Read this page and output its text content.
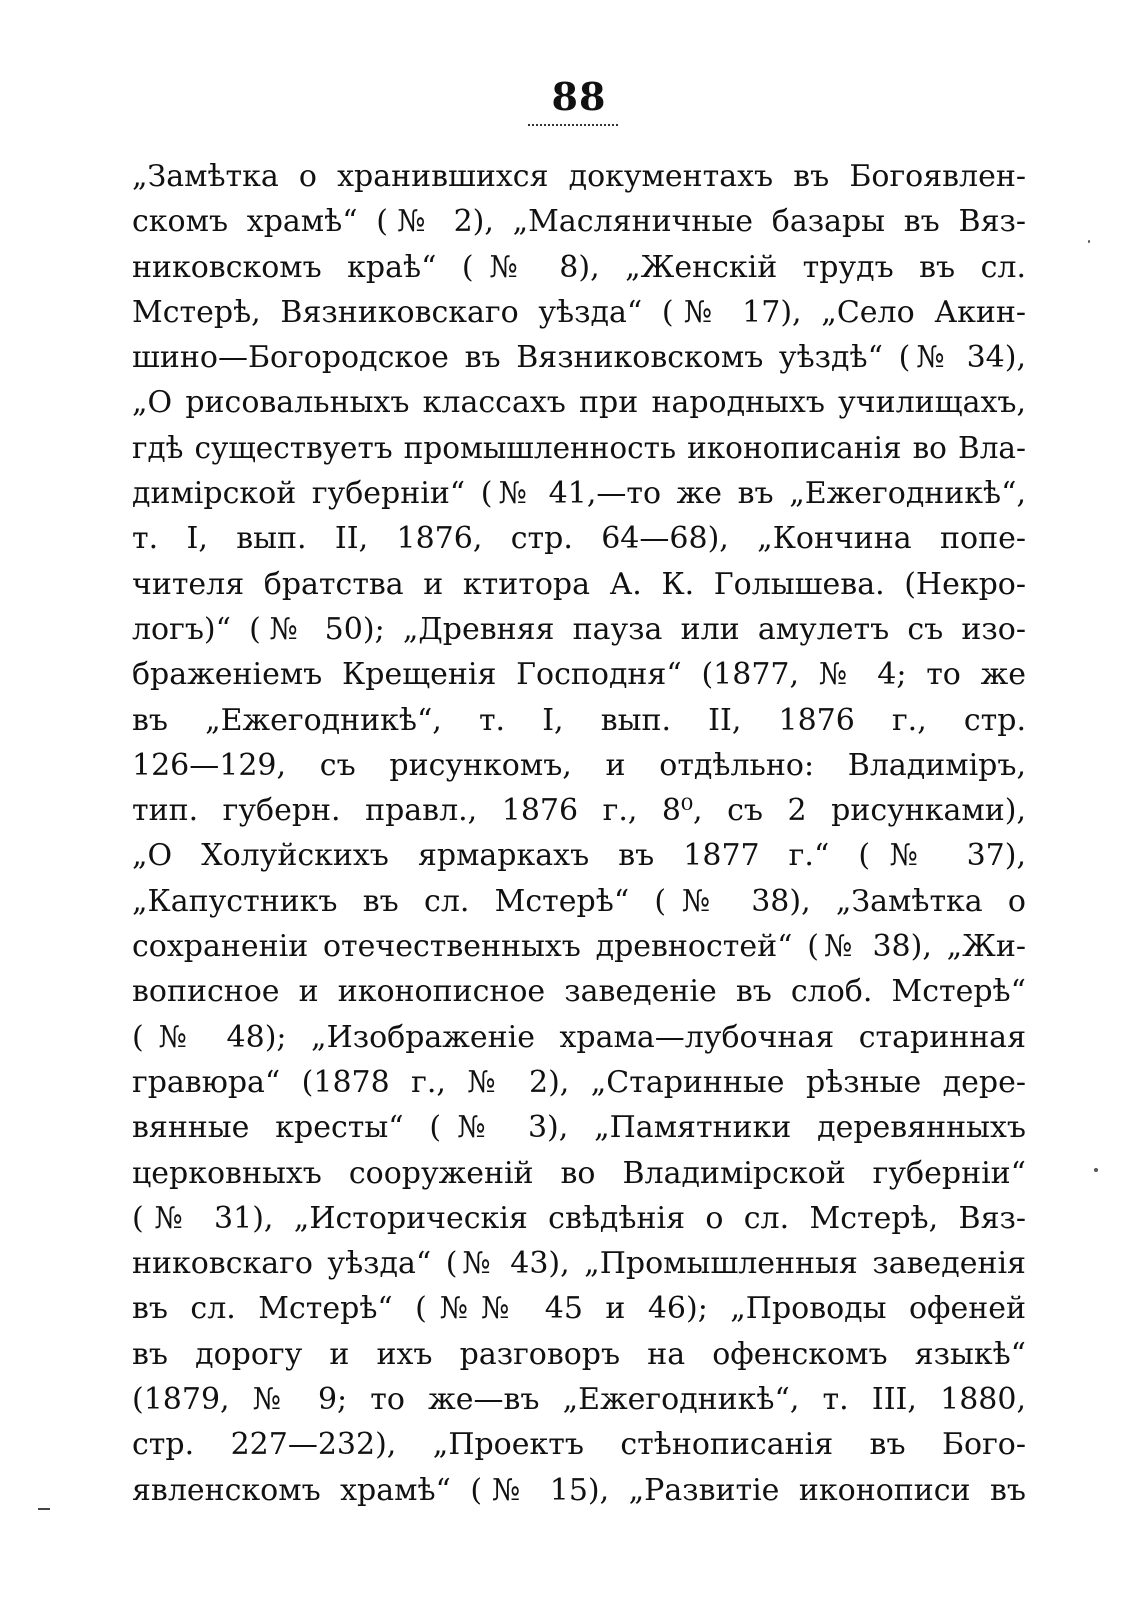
88
„Замѣтка о хранившихся документахъ въ Богоявлен-
скомъ храмѣ“ (№ 2), „Масляничные базары въ Вяз-
никовскомъ краѣ“ (№ 8), „Женскій трудъ въ сл.
Мстерѣ, Вязниковскаго уѣзда“ (№ 17), „Село Акин-
шино—Богородское въ Вязниковскомъ уѣздѣ“ (№ 34),
„О рисовальныхъ классахъ при народныхъ училищахъ,
гдѣ существуетъ промышленность иконописанія во Вла-
димірской губерніи“ (№ 41,—то же въ „Ежегодникѣ“,
т. I, вып. II, 1876, стр. 64—68), „Кончина попе-
чителя братства и ктитора А. К. Голышева. (Некро-
логъ)“ (№ 50); „Древняя пауза или амулетъ съ изо-
браженіемъ Крещенія Господня“ (1877, № 4; то же
въ „Ежегодникѣ“, т. I, вып. II, 1876 г., стр.
126—129, съ рисункомъ, и отдѣльно: Владиміръ,
тип. губерн. правл., 1876 г., 8⁰, съ 2 рисунками),
„О Холуйскихъ ярмаркахъ въ 1877 г.“ (№ 37),
„Капустникъ въ сл. Мстерѣ“ (№ 38), „Замѣтка о
сохраненіи отечественныхъ древностей“ (№ 38), „Жи-
вописное и иконописное заведеніе въ слоб. Мстерѣ“
(№ 48); „Изображеніе храма—лубочная старинная
гравюра“ (1878 г., № 2), „Старинные рѣзные дере-
вянные кресты“ (№ 3), „Памятники деревянныхъ
церковныхъ сооруженій во Владимірской губерніи“
(№ 31), „Историческія свѣдѣнія о сл. Мстерѣ, Вяз-
никовскаго уѣзда“ (№ 43), „Промышленныя заведенія
въ сл. Мстерѣ“ (№№ 45 и 46); „Проводы офеней
въ дорогу и ихъ разговоръ на офенскомъ языкѣ“
(1879, № 9; то же—въ „Ежегодникѣ“, т. III, 1880,
стр. 227—232), „Проектъ стѣнописанія въ Бого-
явленскомъ храмѣ“ (№ 15), „Развитіе иконописи въ
